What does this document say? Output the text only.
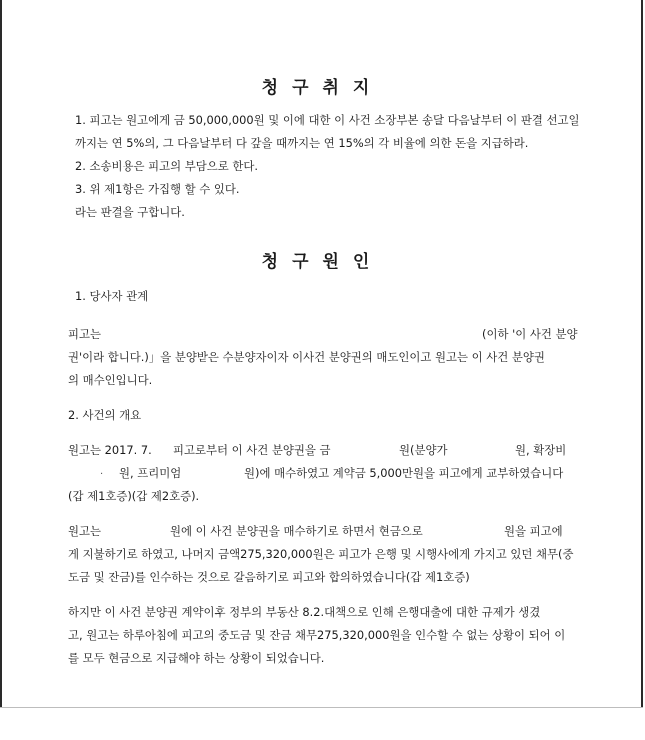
청구취지

1. 피고는 원고에게 금 50,000,000원 및 이에 대한 이 사건 소장부본 송달 다음날부터 이 판결 선고일

까지는 연 5%의, 그 다음날부터 다 갚을 때까지는 연 15%의 각 비율에 의한 돈을 지급하라.

2. 소송비용은 피고의 부담으로 한다.

3. 위 제1항은 가집행 할 수 있다.

라는 판결을 구합니다.

청구원인

1. 당사자 관계

피고는	(이하 '이 사건 분양

권'이라 합니다.)」을 분양받은 수분양자이자 이사건 분양권의 매도인이고 원고는 이 사건 분양권

의 매수인입니다.

2. 사건의 개요

원고는 2017. 7. 피고로부터 이 사건 분양권을 금	원(분양가	원, 확장비

. 원, 프리미엄	원)에 매수하였고 계약금 5,000만원을 피고에게 교부하였습니다

(갑 제1호증)(갑 제2호증).

원고는	원에 이 사건 분양권을 매수하기로 하면서 현금으로	원을 피고에

게 지불하기로 하였고, 나머지 금액275,320,000원은 피고가 은행 및 시행사에게 가지고 있던 채무(중

도금 및 잔금)를 인수하는 것으로 갈음하기로 피고와 합의하였습니다(갑 제1호증)

하지만 이 사건 분양권 계약이후 정부의 부동산 8.2.대책으로 인해 은행대출에 대한 규제가 생겼

고, 원고는 하루아침에 피고의 중도금 및 잔금 채무275,320,000원을 인수할 수 없는 상황이 되어 이

를 모두 현금으로 지급해야 하는 상황이 되었습니다.
